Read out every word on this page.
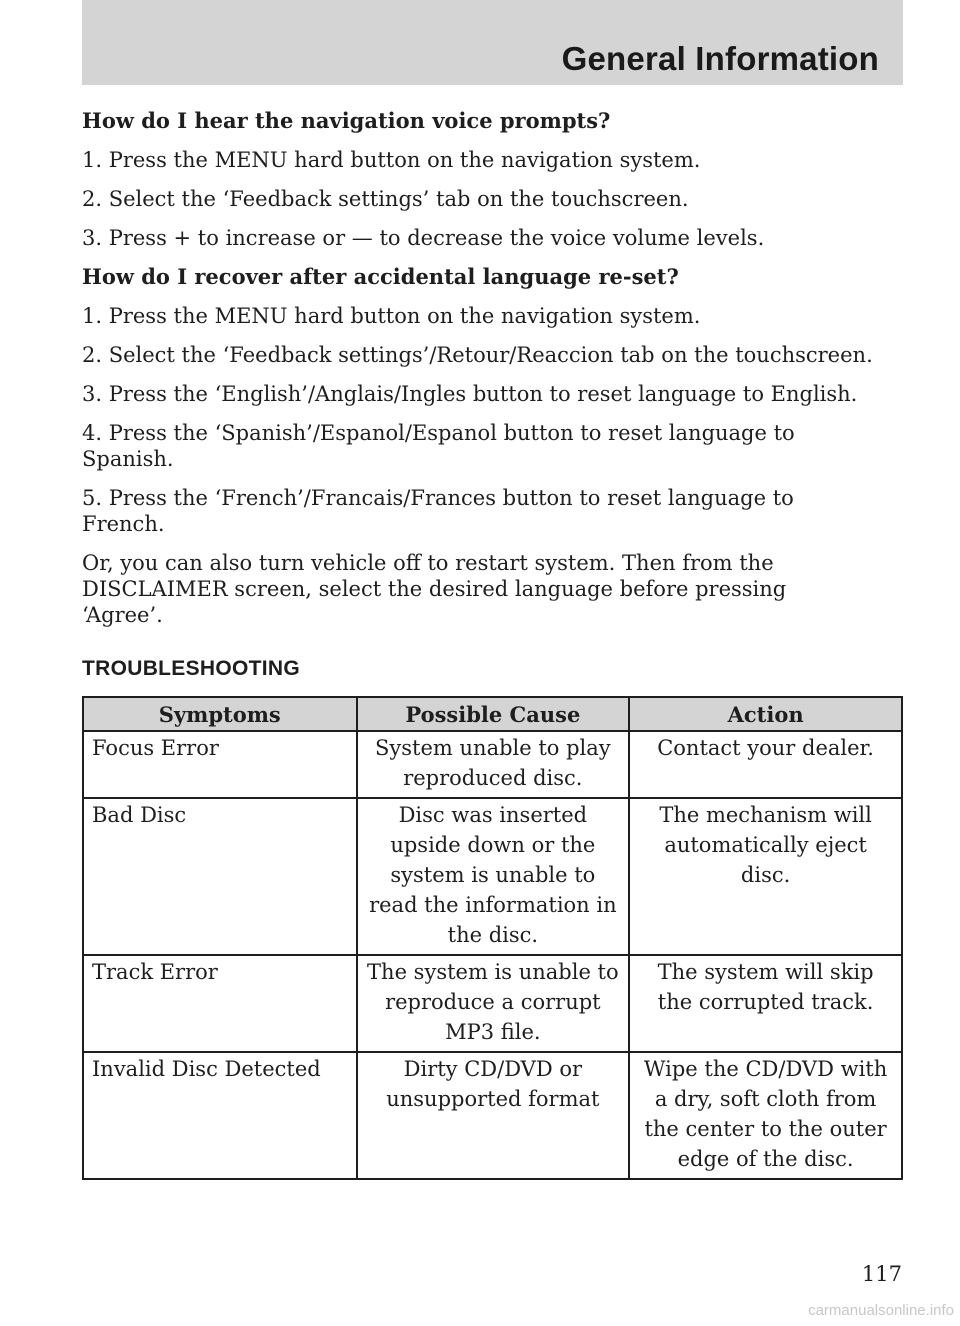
General Information

How do I hear the navigation voice prompts?

1. Press the MENU hard button on the navigation system.

2. Select the ‘Feedback settings’ tab on the touchscreen.

3. Press + to increase or — to decrease the voice volume levels.

How do I recover after accidental language re-set?

1. Press the MENU hard button on the navigation system.

2. Select the ‘Feedback settings’/Retour/Reaccion tab on the touchscreen.

3. Press the ‘English’/Anglais/Ingles button to reset language to English.

4. Press the ‘Spanish’/Espanol/Espanol button to reset language to Spanish.

5. Press the ‘French’/Francais/Frances button to reset language to French.

Or, you can also turn vehicle off to restart system. Then from the DISCLAIMER screen, select the desired language before pressing ‘Agree’.

TROUBLESHOOTING
Symptoms	Possible Cause	Action
Focus Error	System unable to play reproduced disc.	Contact your dealer.
Bad Disc	Disc was inserted upside down or the system is unable to read the information in the disc.	The mechanism will automatically eject disc.
Track Error	The system is unable to reproduce a corrupt MP3 file.	The system will skip the corrupted track.
Invalid Disc Detected	Dirty CD/DVD or unsupported format	Wipe the CD/DVD with a dry, soft cloth from the center to the outer edge of the disc.
117
carmanualsonline.info
